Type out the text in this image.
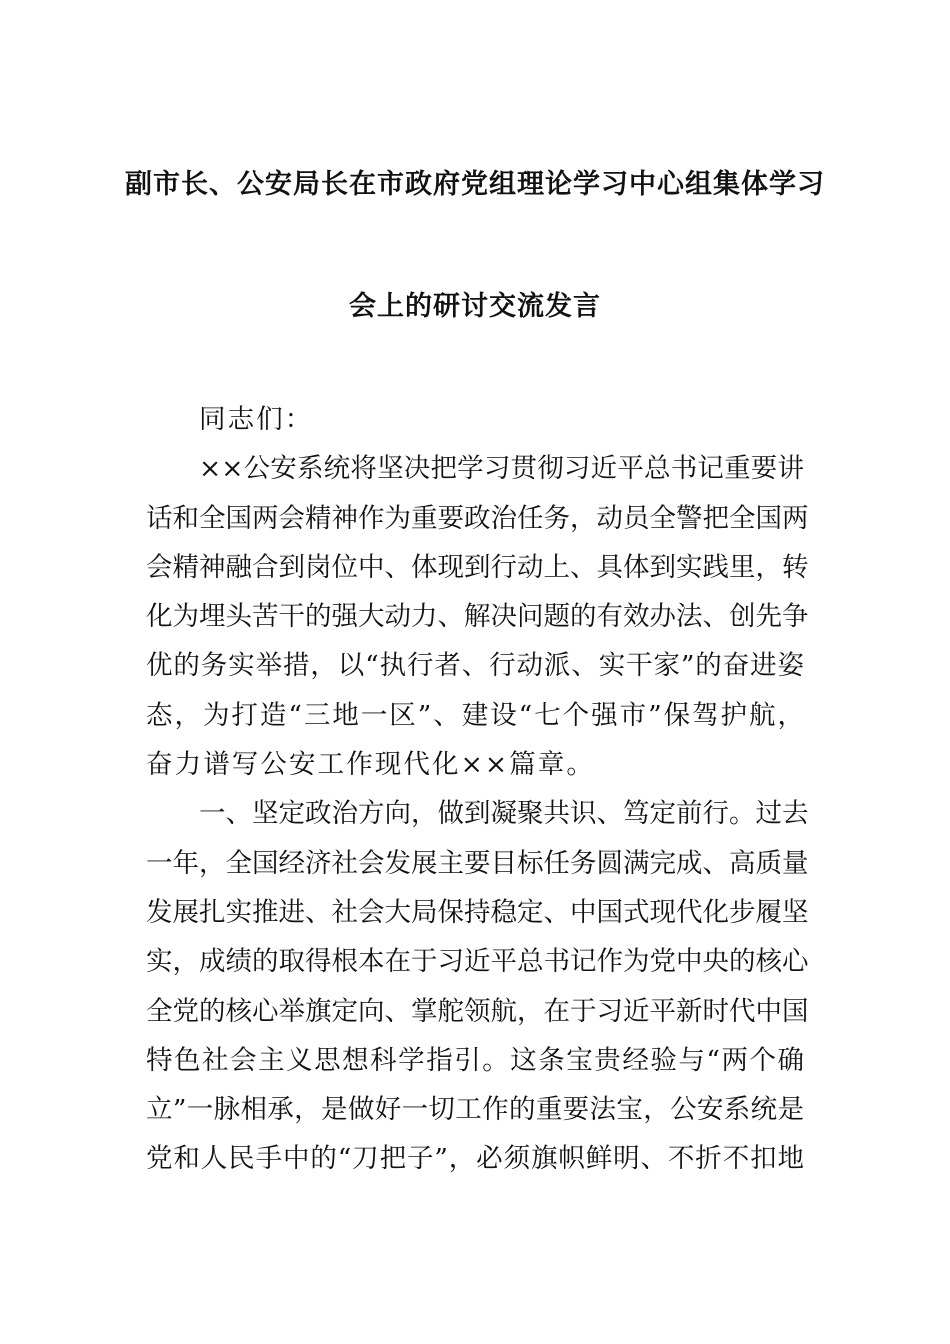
副市长、公安局长在市政府党组理论学习中心组集体学习
会上的研讨交流发言
同志们：
××公安系统将坚决把学习贯彻习近平总书记重要讲
话和全国两会精神作为重要政治任务，动员全警把全国两
会精神融合到岗位中、体现到行动上、具体到实践里，转
化为埋头苦干的强大动力、解决问题的有效办法、创先争
优的务实举措，以“执行者、行动派、实干家”的奋进姿
态，为打造“三地一区”、建设“七个强市”保驾护航，
奋力谱写公安工作现代化××篇章。
一、坚定政治方向，做到凝聚共识、笃定前行。过去
一年，全国经济社会发展主要目标任务圆满完成、高质量
发展扎实推进、社会大局保持稳定、中国式现代化步履坚
实，成绩的取得根本在于习近平总书记作为党中央的核心
全党的核心举旗定向、掌舵领航，在于习近平新时代中国
特色社会主义思想科学指引。这条宝贵经验与“两个确
立”一脉相承，是做好一切工作的重要法宝，公安系统是
党和人民手中的“刀把子”，必须旗帜鲜明、不折不扣地
